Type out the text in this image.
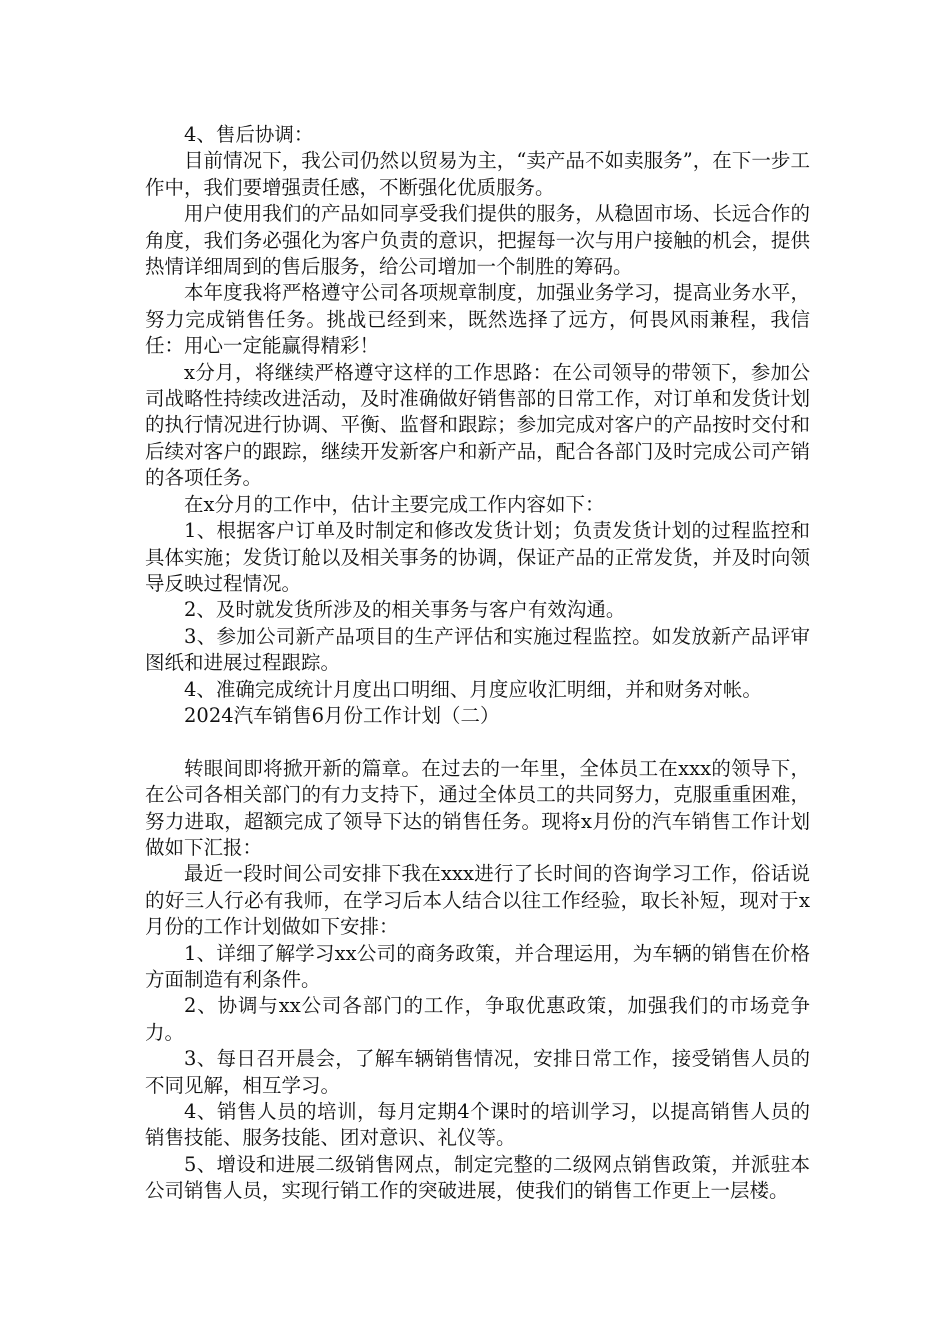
4、售后协调：

目前情况下，我公司仍然以贸易为主，“卖产品不如卖服务”，在下一步工作中，我们要增强责任感，不断强化优质服务。

用户使用我们的产品如同享受我们提供的服务，从稳固市场、长远合作的角度，我们务必强化为客户负责的意识，把握每一次与用户接触的机会，提供热情详细周到的售后服务，给公司增加一个制胜的筹码。

本年度我将严格遵守公司各项规章制度，加强业务学习，提高业务水平，努力完成销售任务。挑战已经到来，既然选择了远方，何畏风雨兼程，我信任：用心一定能赢得精彩！

x分月，将继续严格遵守这样的工作思路：在公司领导的带领下，参加公司战略性持续改进活动，及时准确做好销售部的日常工作，对订单和发货计划的执行情况进行协调、平衡、监督和跟踪；参加完成对客户的产品按时交付和后续对客户的跟踪，继续开发新客户和新产品，配合各部门及时完成公司产销的各项任务。

在x分月的工作中，估计主要完成工作内容如下：

1、根据客户订单及时制定和修改发货计划；负责发货计划的过程监控和具体实施；发货订舱以及相关事务的协调，保证产品的正常发货，并及时向领导反映过程情况。

2、及时就发货所涉及的相关事务与客户有效沟通。

3、参加公司新产品项目的生产评估和实施过程监控。如发放新产品评审图纸和进展过程跟踪。

4、准确完成统计月度出口明细、月度应收汇明细，并和财务对帐。

2024汽车销售6月份工作计划（二）

转眼间即将掀开新的篇章。在过去的一年里，全体员工在xxx的领导下，在公司各相关部门的有力支持下，通过全体员工的共同努力，克服重重困难，努力进取，超额完成了领导下达的销售任务。现将x月份的汽车销售工作计划做如下汇报：

最近一段时间公司安排下我在xxx进行了长时间的咨询学习工作，俗话说的好三人行必有我师，在学习后本人结合以往工作经验，取长补短，现对于x月份的工作计划做如下安排：

1、详细了解学习xx公司的商务政策，并合理运用，为车辆的销售在价格方面制造有利条件。

2、协调与xx公司各部门的工作，争取优惠政策，加强我们的市场竞争力。

3、每日召开晨会，了解车辆销售情况，安排日常工作，接受销售人员的不同见解，相互学习。

4、销售人员的培训，每月定期4个课时的培训学习，以提高销售人员的销售技能、服务技能、团对意识、礼仪等。

5、增设和进展二级销售网点，制定完整的二级网点销售政策，并派驻本公司销售人员，实现行销工作的突破进展，使我们的销售工作更上一层楼。
